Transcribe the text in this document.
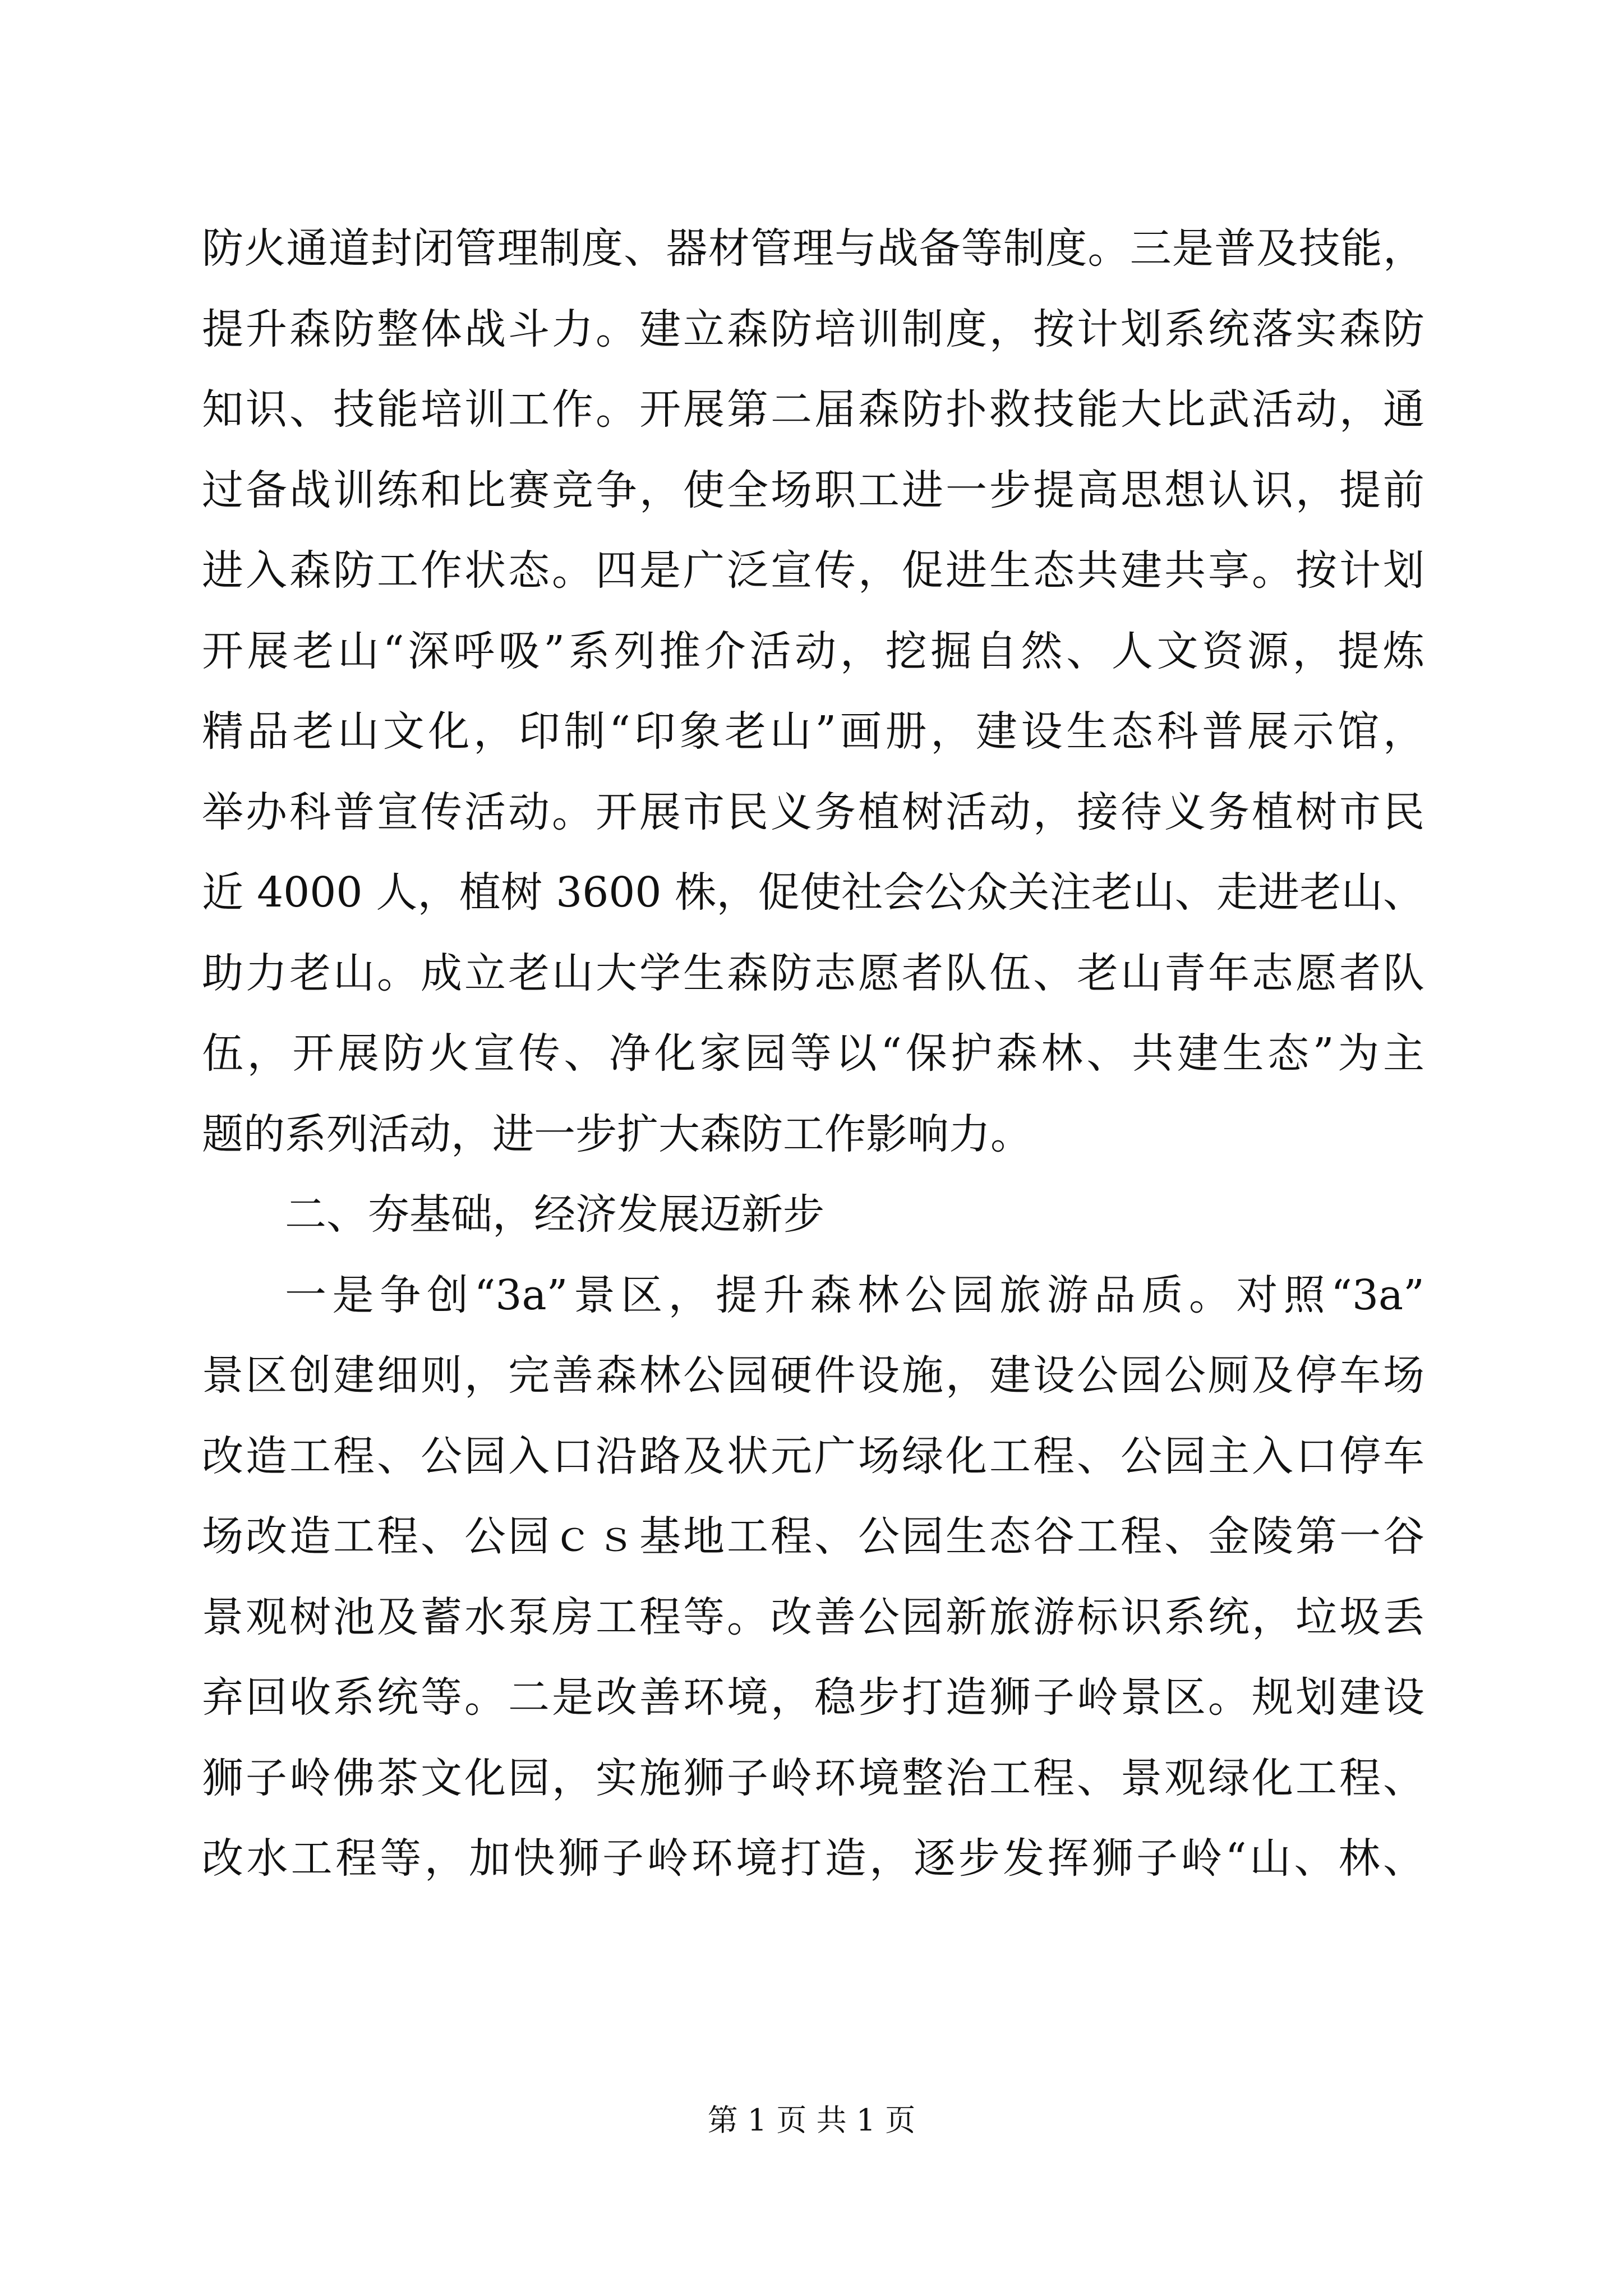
防火通道封闭管理制度、器材管理与战备等制度。三是普及技能，
提升森防整体战斗力。建立森防培训制度，按计划系统落实森防
知识、技能培训工作。开展第二届森防扑救技能大比武活动，通
过备战训练和比赛竞争，使全场职工进一步提高思想认识，提前
进入森防工作状态。四是广泛宣传，促进生态共建共享。按计划
开展老山“深呼吸”系列推介活动，挖掘自然、人文资源，提炼
精品老山文化，印制“印象老山”画册，建设生态科普展示馆，
举办科普宣传活动。开展市民义务植树活动，接待义务植树市民
近 4000 人，植树 3600 株，促使社会公众关注老山、走进老山、
助力老山。成立老山大学生森防志愿者队伍、老山青年志愿者队
伍，开展防火宣传、净化家园等以“保护森林、共建生态”为主
题的系列活动，进一步扩大森防工作影响力。
二、夯基础，经济发展迈新步
一是争创“3a”景区，提升森林公园旅游品质。对照“3a”
景区创建细则，完善森林公园硬件设施，建设公园公厕及停车场
改造工程、公园入口沿路及状元广场绿化工程、公园主入口停车
场改造工程、公园ｃｓ基地工程、公园生态谷工程、金陵第一谷
景观树池及蓄水泵房工程等。改善公园新旅游标识系统，垃圾丢
弃回收系统等。二是改善环境，稳步打造狮子岭景区。规划建设
狮子岭佛茶文化园，实施狮子岭环境整治工程、景观绿化工程、
改水工程等，加快狮子岭环境打造，逐步发挥狮子岭“山、林、
第 1 页 共 1 页
